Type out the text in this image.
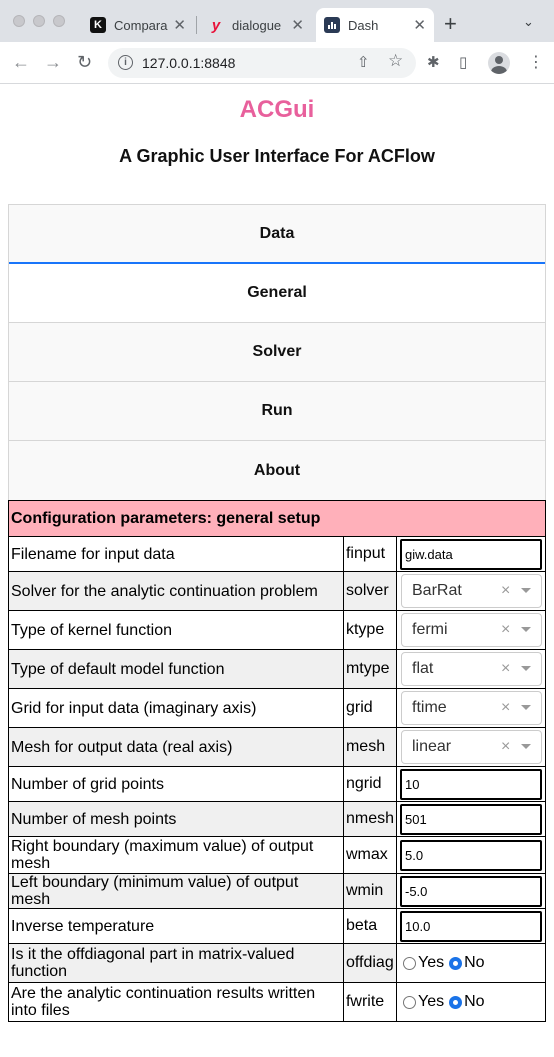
K Compara ✕ y dialogue ✕	Dash ✕ +	⌄
← → ↻	i	127.0.0.1:8848	⇧ ☆ ✱ ▯	⋮
ACGui
A Graphic User Interface For ACFlow
Data
General
Solver
Run
About
Configuration parameters: general setup		
Filename for input data	finput	giw.data
Solver for the analytic continuation problem	solver	BarRat ×

Type of kernel function	ktype	fermi ×

Type of default model function	mtype	flat ×

Grid for input data (imaginary axis)	grid	ftime ×

Mesh for output data (real axis)	mesh	linear ×

Number of grid points	ngrid	10
Number of mesh points	nmesh	501
Right boundary (maximum value) of output mesh	wmax	5.0
Left boundary (minimum value) of output mesh	wmin	-5.0
Inverse temperature	beta	10.0
Is it the offdiagonal part in matrix-valued function	offdiag	Yes No

Are the analytic continuation results written into files	fwrite	Yes No
